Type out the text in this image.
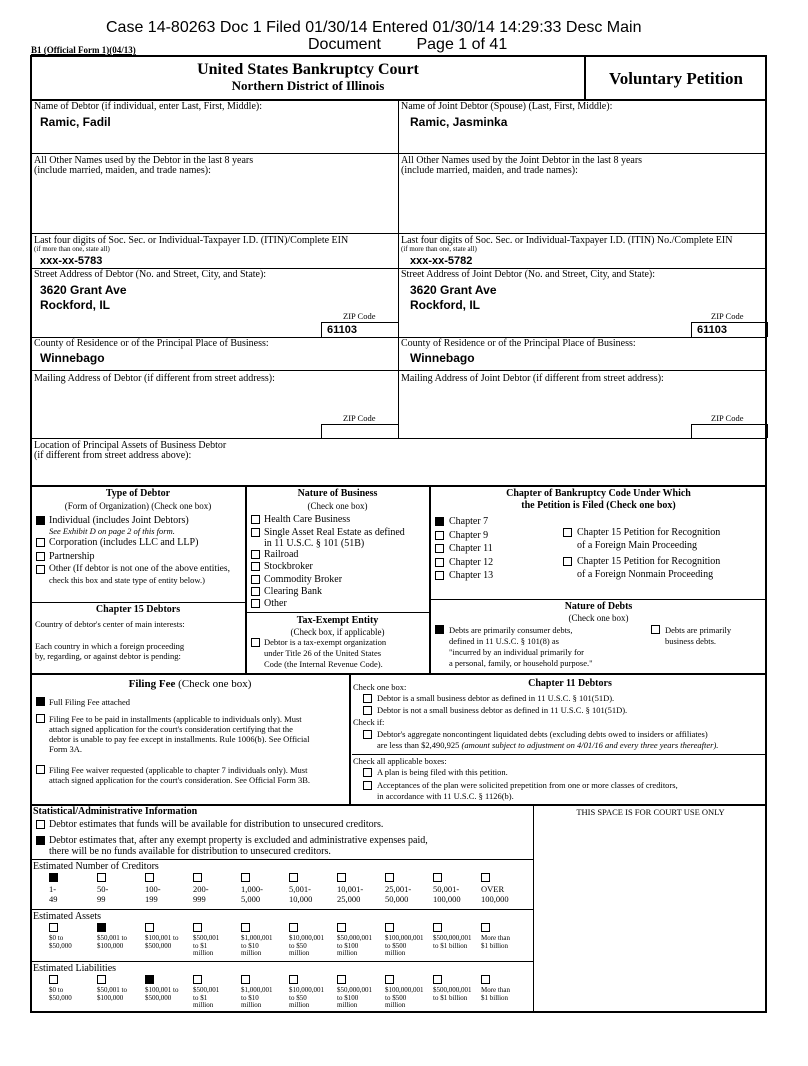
Case 14-80263 Doc 1 Filed 01/30/14 Entered 01/30/14 14:29:33 Desc Main
Document        Page 1 of 41
B1 (Official Form 1)(04/13)
United States Bankruptcy Court
Northern District of Illinois	Voluntary Petition
Name of Debtor (if individual, enter Last, First, Middle):
Ramic, Fadil
Name of Joint Debtor (Spouse) (Last, First, Middle):
Ramic, Jasminka
All Other Names used by the Debtor in the last 8 years
(include married, maiden, and trade names):
All Other Names used by the Joint Debtor in the last 8 years
(include married, maiden, and trade names):
Last four digits of Soc. Sec. or Individual-Taxpayer I.D. (ITIN)/Complete EIN
(if more than one, state all)
xxx-xx-5783
Last four digits of Soc. Sec. or Individual-Taxpayer I.D. (ITIN) No./Complete EIN
(if more than one, state all)
xxx-xx-5782
Street Address of Debtor (No. and Street, City, and State):
3620 Grant Ave
Rockford, IL
ZIP Code
61103
Street Address of Joint Debtor (No. and Street, City, and State):
3620 Grant Ave
Rockford, IL
ZIP Code
61103
County of Residence or of the Principal Place of Business:
Winnebago
County of Residence or of the Principal Place of Business:
Winnebago
Mailing Address of Debtor (if different from street address):
ZIP Code
Mailing Address of Joint Debtor (if different from street address):
ZIP Code
Location of Principal Assets of Business Debtor
(if different from street address above):
Type of Debtor
(Form of Organization) (Check one box)
Individual (includes Joint Debtors)
See Exhibit D on page 2 of this form.
Corporation (includes LLC and LLP)
Partnership
Other (If debtor is not one of the above entities,
check this box and state type of entity below.)
Nature of Business
(Check one box)
Health Care Business
Single Asset Real Estate as defined
in 11 U.S.C. § 101 (51B)
Railroad
Stockbroker
Commodity Broker
Clearing Bank
Other
Chapter of Bankruptcy Code Under Which
the Petition is Filed (Check one box)
Chapter 7
Chapter 9
Chapter 11
Chapter 12
Chapter 13
Chapter 15 Petition for Recognition
of a Foreign Main Proceeding
Chapter 15 Petition for Recognition
of a Foreign Nonmain Proceeding
Chapter 15 Debtors
Country of debtor's center of main interests:
Each country in which a foreign proceeding
by, regarding, or against debtor is pending:
Tax-Exempt Entity
(Check box, if applicable)
Debtor is a tax-exempt organization
under Title 26 of the United States
Code (the Internal Revenue Code).
Nature of Debts
(Check one box)
Debts are primarily consumer debts,
defined in 11 U.S.C. § 101(8) as
"incurred by an individual primarily for
a personal, family, or household purpose."
Debts are primarily
business debts.
Filing Fee (Check one box)
Full Filing Fee attached
Filing Fee to be paid in installments (applicable to individuals only). Must
attach signed application for the court's consideration certifying that the
debtor is unable to pay fee except in installments. Rule 1006(b). See Official
Form 3A.
Filing Fee waiver requested (applicable to chapter 7 individuals only). Must
attach signed application for the court's consideration. See Official Form 3B.
Check one box:	Chapter 11 Debtors
Debtor is a small business debtor as defined in 11 U.S.C. § 101(51D).
Debtor is not a small business debtor as defined in 11 U.S.C. § 101(51D).
Check if:
Debtor's aggregate noncontingent liquidated debts (excluding debts owed to insiders or affiliates)
are less than $2,490,925 (amount subject to adjustment on 4/01/16 and every three years thereafter).
Check all applicable boxes:
A plan is being filed with this petition.
Acceptances of the plan were solicited prepetition from one or more classes of creditors,
in accordance with 11 U.S.C. § 1126(b).
Statistical/Administrative Information	THIS SPACE IS FOR COURT USE ONLY
Debtor estimates that funds will be available for distribution to unsecured creditors.
Debtor estimates that, after any exempt property is excluded and administrative expenses paid,
there will be no funds available for distribution to unsecured creditors.
Estimated Number of Creditors
1-
49
50-
99
100-
199
200-
999
1,000-
5,000
5,001-
10,000
10,001-
25,000
25,001-
50,000
50,001-
100,000
OVER
100,000
Estimated Assets
$0 to
$50,000
$50,001 to
$100,000
$100,001 to
$500,000
$500,001
to $1
million
$1,000,001
to $10
million
$10,000,001
to $50
million
$50,000,001
to $100
million
$100,000,001
to $500
million
$500,000,001
to $1 billion
More than
$1 billion
Estimated Liabilities
$0 to
$50,000
$50,001 to
$100,000
$100,001 to
$500,000
$500,001
to $1
million
$1,000,001
to $10
million
$10,000,001
to $50
million
$50,000,001
to $100
million
$100,000,001
to $500
million
$500,000,001
to $1 billion
More than
$1 billion
